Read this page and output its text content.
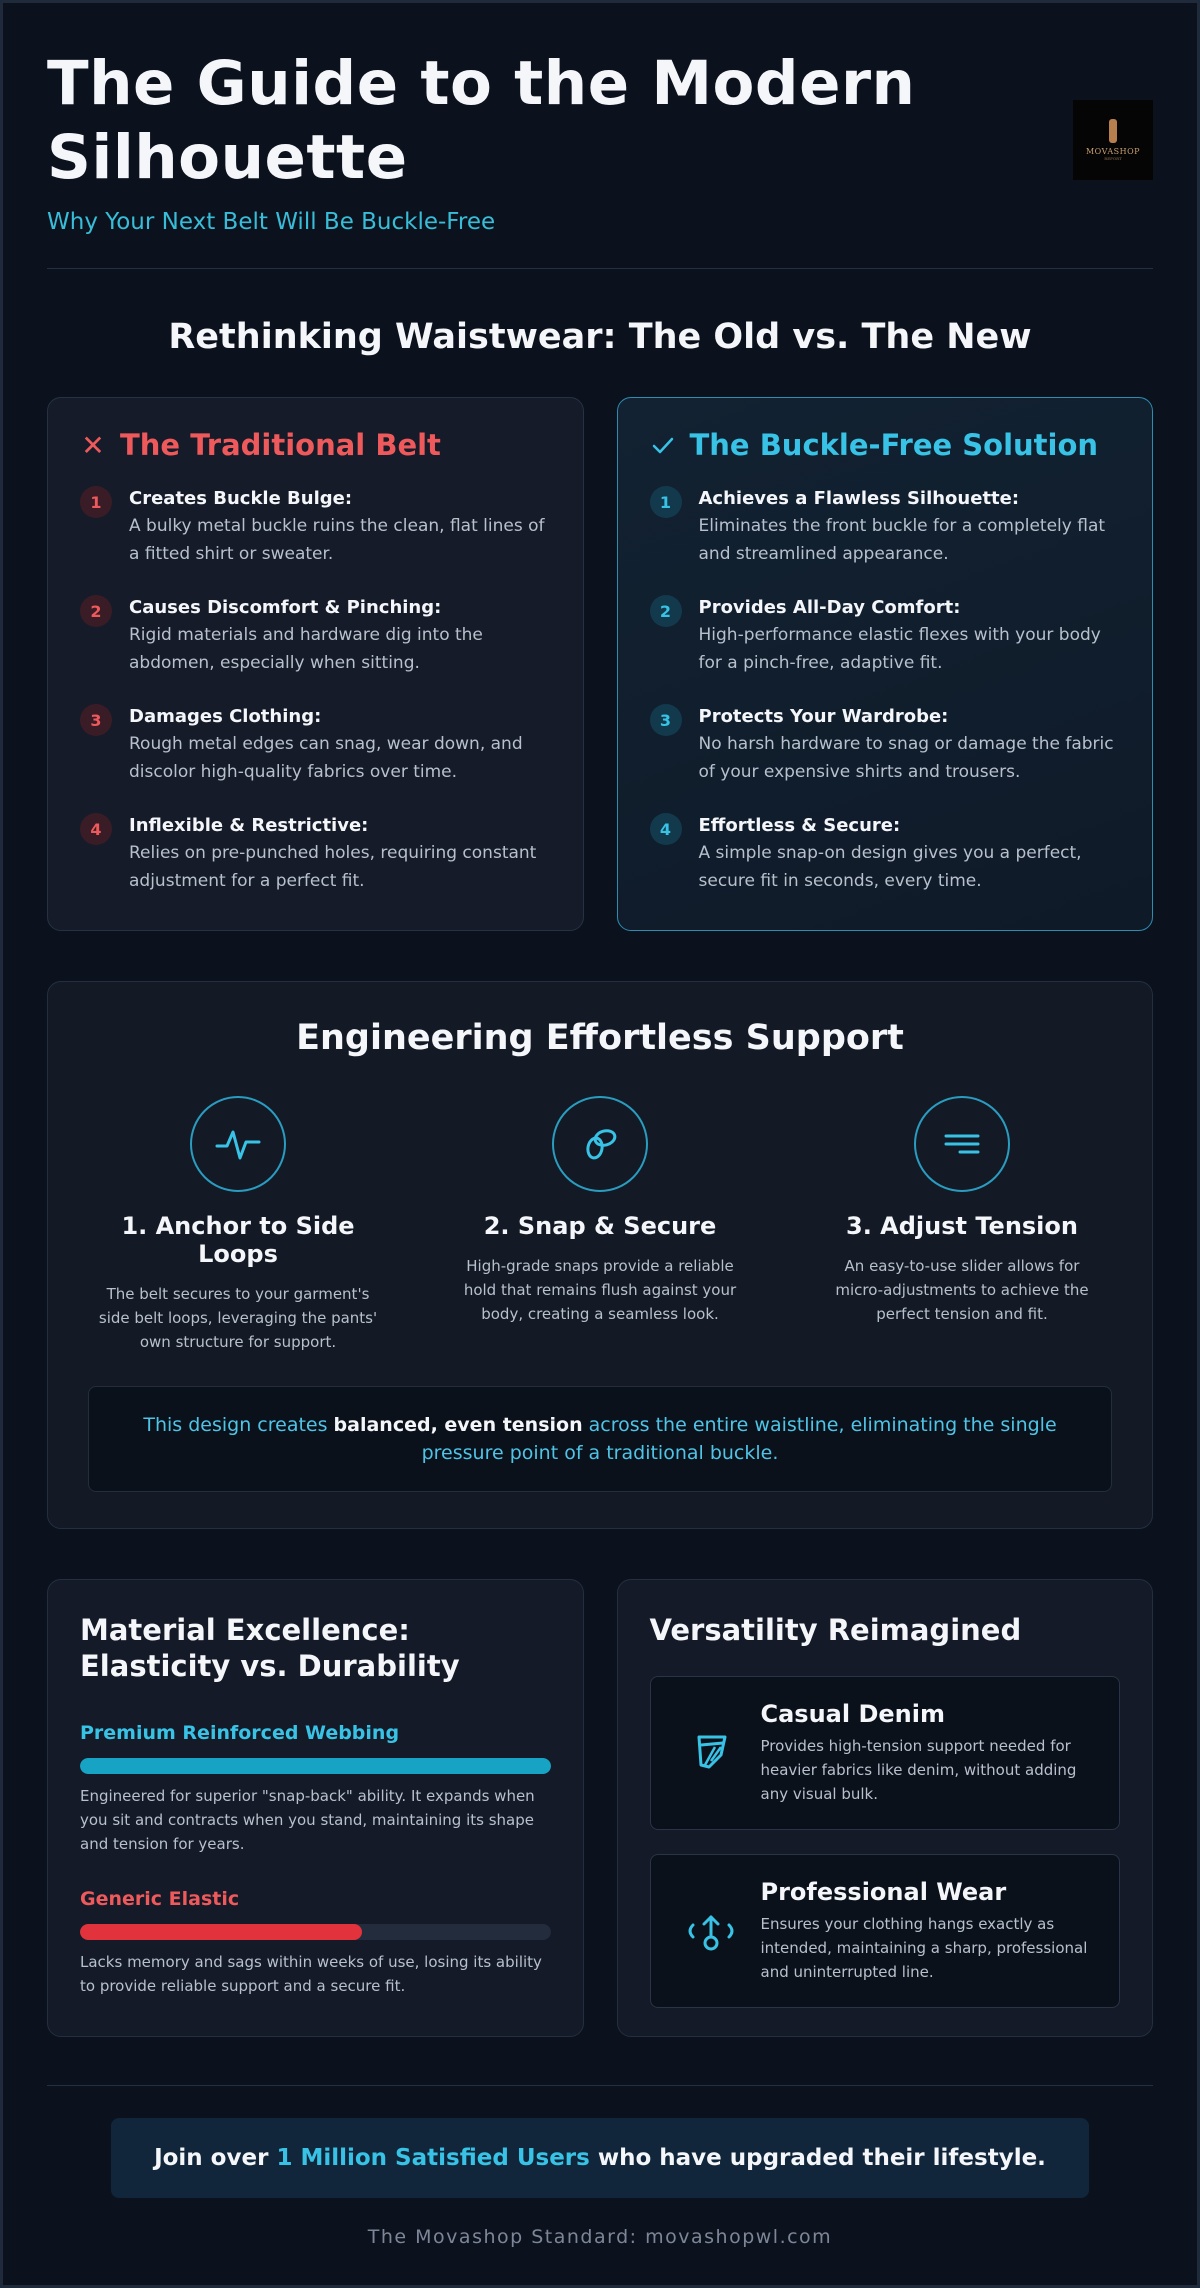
The Guide to the Modern Silhouette
Why Your Next Belt Will Be Buckle-Free
MOVASHOP
REPORT
Rethinking Waistwear: The Old vs. The New
✕ The Traditional Belt
1	Creates Buckle Bulge:
A bulky metal buckle ruins the clean, flat lines of a fitted shirt or sweater.
2	Causes Discomfort & Pinching:
Rigid materials and hardware dig into the abdomen, especially when sitting.
3	Damages Clothing:
Rough metal edges can snag, wear down, and discolor high-quality fabrics over time.
4	Inflexible & Restrictive:
Relies on pre-punched holes, requiring constant adjustment for a perfect fit.
The Buckle-Free Solution
1	Achieves a Flawless Silhouette:
Eliminates the front buckle for a completely flat and streamlined appearance.
2	Provides All-Day Comfort:
High-performance elastic flexes with your body for a pinch-free, adaptive fit.
3	Protects Your Wardrobe:
No harsh hardware to snag or damage the fabric of your expensive shirts and trousers.
4	Effortless & Secure:
A simple snap-on design gives you a perfect, secure fit in seconds, every time.
Engineering Effortless Support
1. Anchor to Side Loops

The belt secures to your garment's side belt loops, leveraging the pants' own structure for support.

2. Snap & Secure

High-grade snaps provide a reliable hold that remains flush against your body, creating a seamless look.

3. Adjust Tension

An easy-to-use slider allows for micro-adjustments to achieve the perfect tension and fit.

This design creates balanced, even tension across the entire waistline, eliminating the single pressure point of a traditional buckle.
Material Excellence: Elasticity vs. Durability
Premium Reinforced Webbing
Engineered for superior "snap-back" ability. It expands when you sit and contracts when you stand, maintaining its shape and tension for years.
Generic Elastic
Lacks memory and sags within weeks of use, losing its ability to provide reliable support and a secure fit.
Versatility Reimagined
Casual Denim
Provides high-tension support needed for heavier fabrics like denim, without adding any visual bulk.
Professional Wear
Ensures your clothing hangs exactly as intended, maintaining a sharp, professional and uninterrupted line.
Join over 1 Million Satisfied Users who have upgraded their lifestyle.
The Movashop Standard: movashopwl.com
